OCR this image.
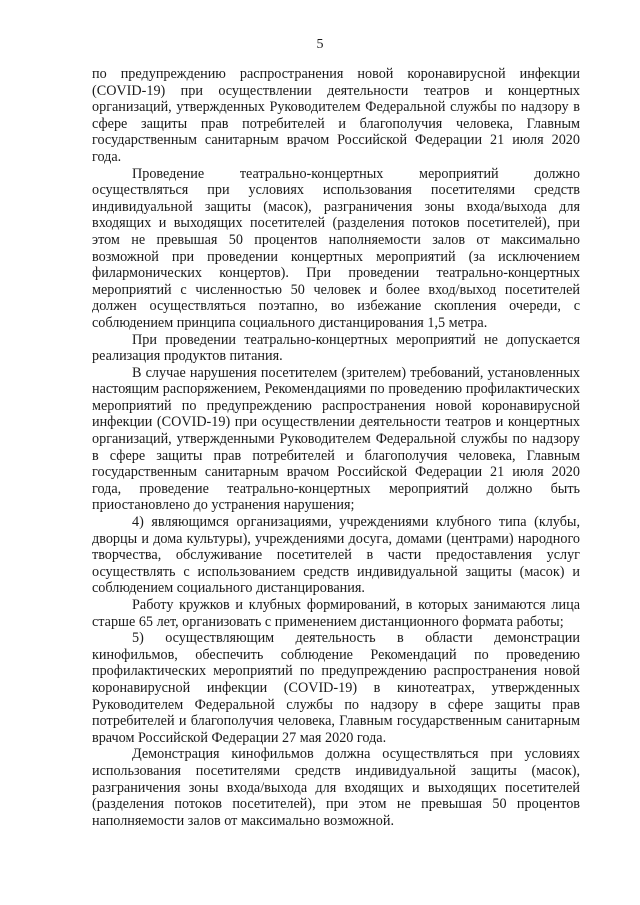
5

по предупреждению распространения новой коронавирусной инфекции (COVID-19) при осуществлении деятельности театров и концертных организаций, утвержденных Руководителем Федеральной службы по надзору в сфере защиты прав потребителей и благополучия человека, Главным государственным санитарным врачом Российской Федерации 21 июля 2020 года.

Проведение театрально-концертных мероприятий должно осуществляться при условиях использования посетителями средств индивидуальной защиты (масок), разграничения зоны входа/выхода для входящих и выходящих посетителей (разделения потоков посетителей), при этом не превышая 50 процентов наполняемости залов от максимально возможной при проведении концертных мероприятий (за исключением филармонических концертов). При проведении театрально-концертных мероприятий с численностью 50 человек и более вход/выход посетителей должен осуществляться поэтапно, во избежание скопления очереди, с соблюдением принципа социального дистанцирования 1,5 метра.

При проведении театрально-концертных мероприятий не допускается реализация продуктов питания.

В случае нарушения посетителем (зрителем) требований, установленных настоящим распоряжением, Рекомендациями по проведению профилактических мероприятий по предупреждению распространения новой коронавирусной инфекции (COVID-19) при осуществлении деятельности театров и концертных организаций, утвержденными Руководителем Федеральной службы по надзору в сфере защиты прав потребителей и благополучия человека, Главным государственным санитарным врачом Российской Федерации 21 июля 2020 года, проведение театрально-концертных мероприятий должно быть приостановлено до устранения нарушения;

4) являющимся организациями, учреждениями клубного типа (клубы, дворцы и дома культуры), учреждениями досуга, домами (центрами) народного творчества, обслуживание посетителей в части предоставления услуг осуществлять с использованием средств индивидуальной защиты (масок) и соблюдением социального дистанцирования.

Работу кружков и клубных формирований, в которых занимаются лица старше 65 лет, организовать с применением дистанционного формата работы;

5) осуществляющим деятельность в области демонстрации кинофильмов, обеспечить соблюдение Рекомендаций по проведению профилактических мероприятий по предупреждению распространения новой коронавирусной инфекции (COVID-19) в кинотеатрах, утвержденных Руководителем Федеральной службы по надзору в сфере защиты прав потребителей и благополучия человека, Главным государственным санитарным врачом Российской Федерации 27 мая 2020 года.

Демонстрация кинофильмов должна осуществляться при условиях использования посетителями средств индивидуальной защиты (масок), разграничения зоны входа/выхода для входящих и выходящих посетителей (разделения потоков посетителей), при этом не превышая 50 процентов наполняемости залов от максимально возможной.
